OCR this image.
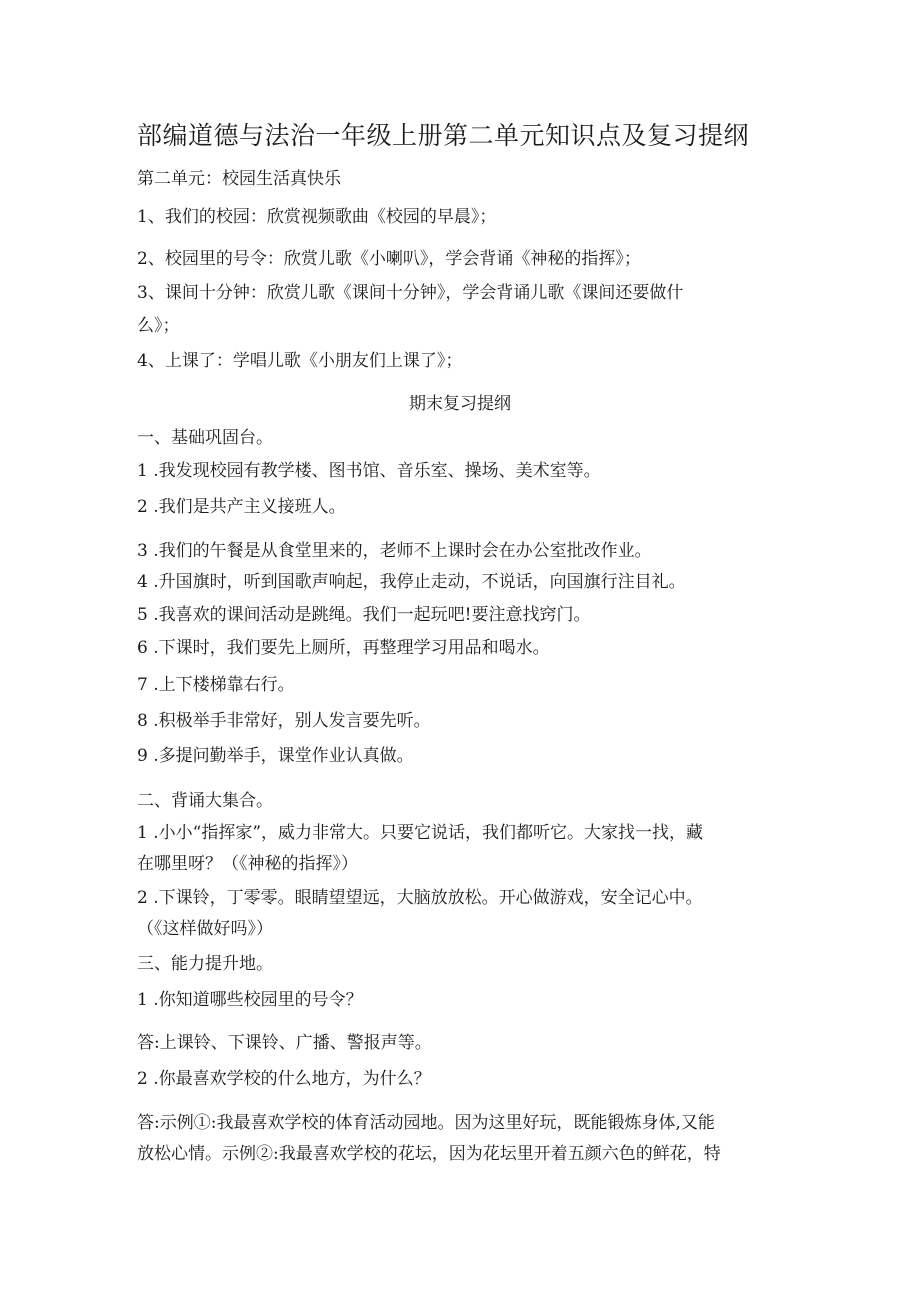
部编道德与法治一年级上册第二单元知识点及复习提纲
第二单元：校园生活真快乐
1、我们的校园：欣赏视频歌曲《校园的早晨》；
2、校园里的号令：欣赏儿歌《小喇叭》，学会背诵《神秘的指挥》；
3、课间十分钟：欣赏儿歌《课间十分钟》，学会背诵儿歌《课间还要做什
么》；
4、上课了：学唱儿歌《小朋友们上课了》；
期末复习提纲
一、基础巩固台。
1 .我发现校园有教学楼、图书馆、音乐室、操场、美术室等。
2 .我们是共产主义接班人。
3 .我们的午餐是从食堂里来的，老师不上课时会在办公室批改作业。
4 .升国旗时，听到国歌声响起，我停止走动，不说话，向国旗行注目礼。
5 .我喜欢的课间活动是跳绳。我们一起玩吧!要注意找窍门。
6 .下课时，我们要先上厕所，再整理学习用品和喝水。
7 .上下楼梯靠右行。
8 .积极举手非常好，别人发言要先听。
9 .多提问勤举手，课堂作业认真做。
二、背诵大集合。
1 .小小“指挥家”，威力非常大。只要它说话，我们都听它。大家找一找，藏
在哪里呀？（《神秘的指挥》）
2 .下课铃，丁零零。眼睛望望远，大脑放放松。开心做游戏，安全记心中。
（《这样做好吗》）
三、能力提升地。
1 .你知道哪些校园里的号令？
答:上课铃、下课铃、广播、警报声等。
2 .你最喜欢学校的什么地方，为什么？
答:示例①:我最喜欢学校的体育活动园地。因为这里好玩，既能锻炼身体,又能
放松心情。示例②:我最喜欢学校的花坛，因为花坛里开着五颜六色的鲜花，特
